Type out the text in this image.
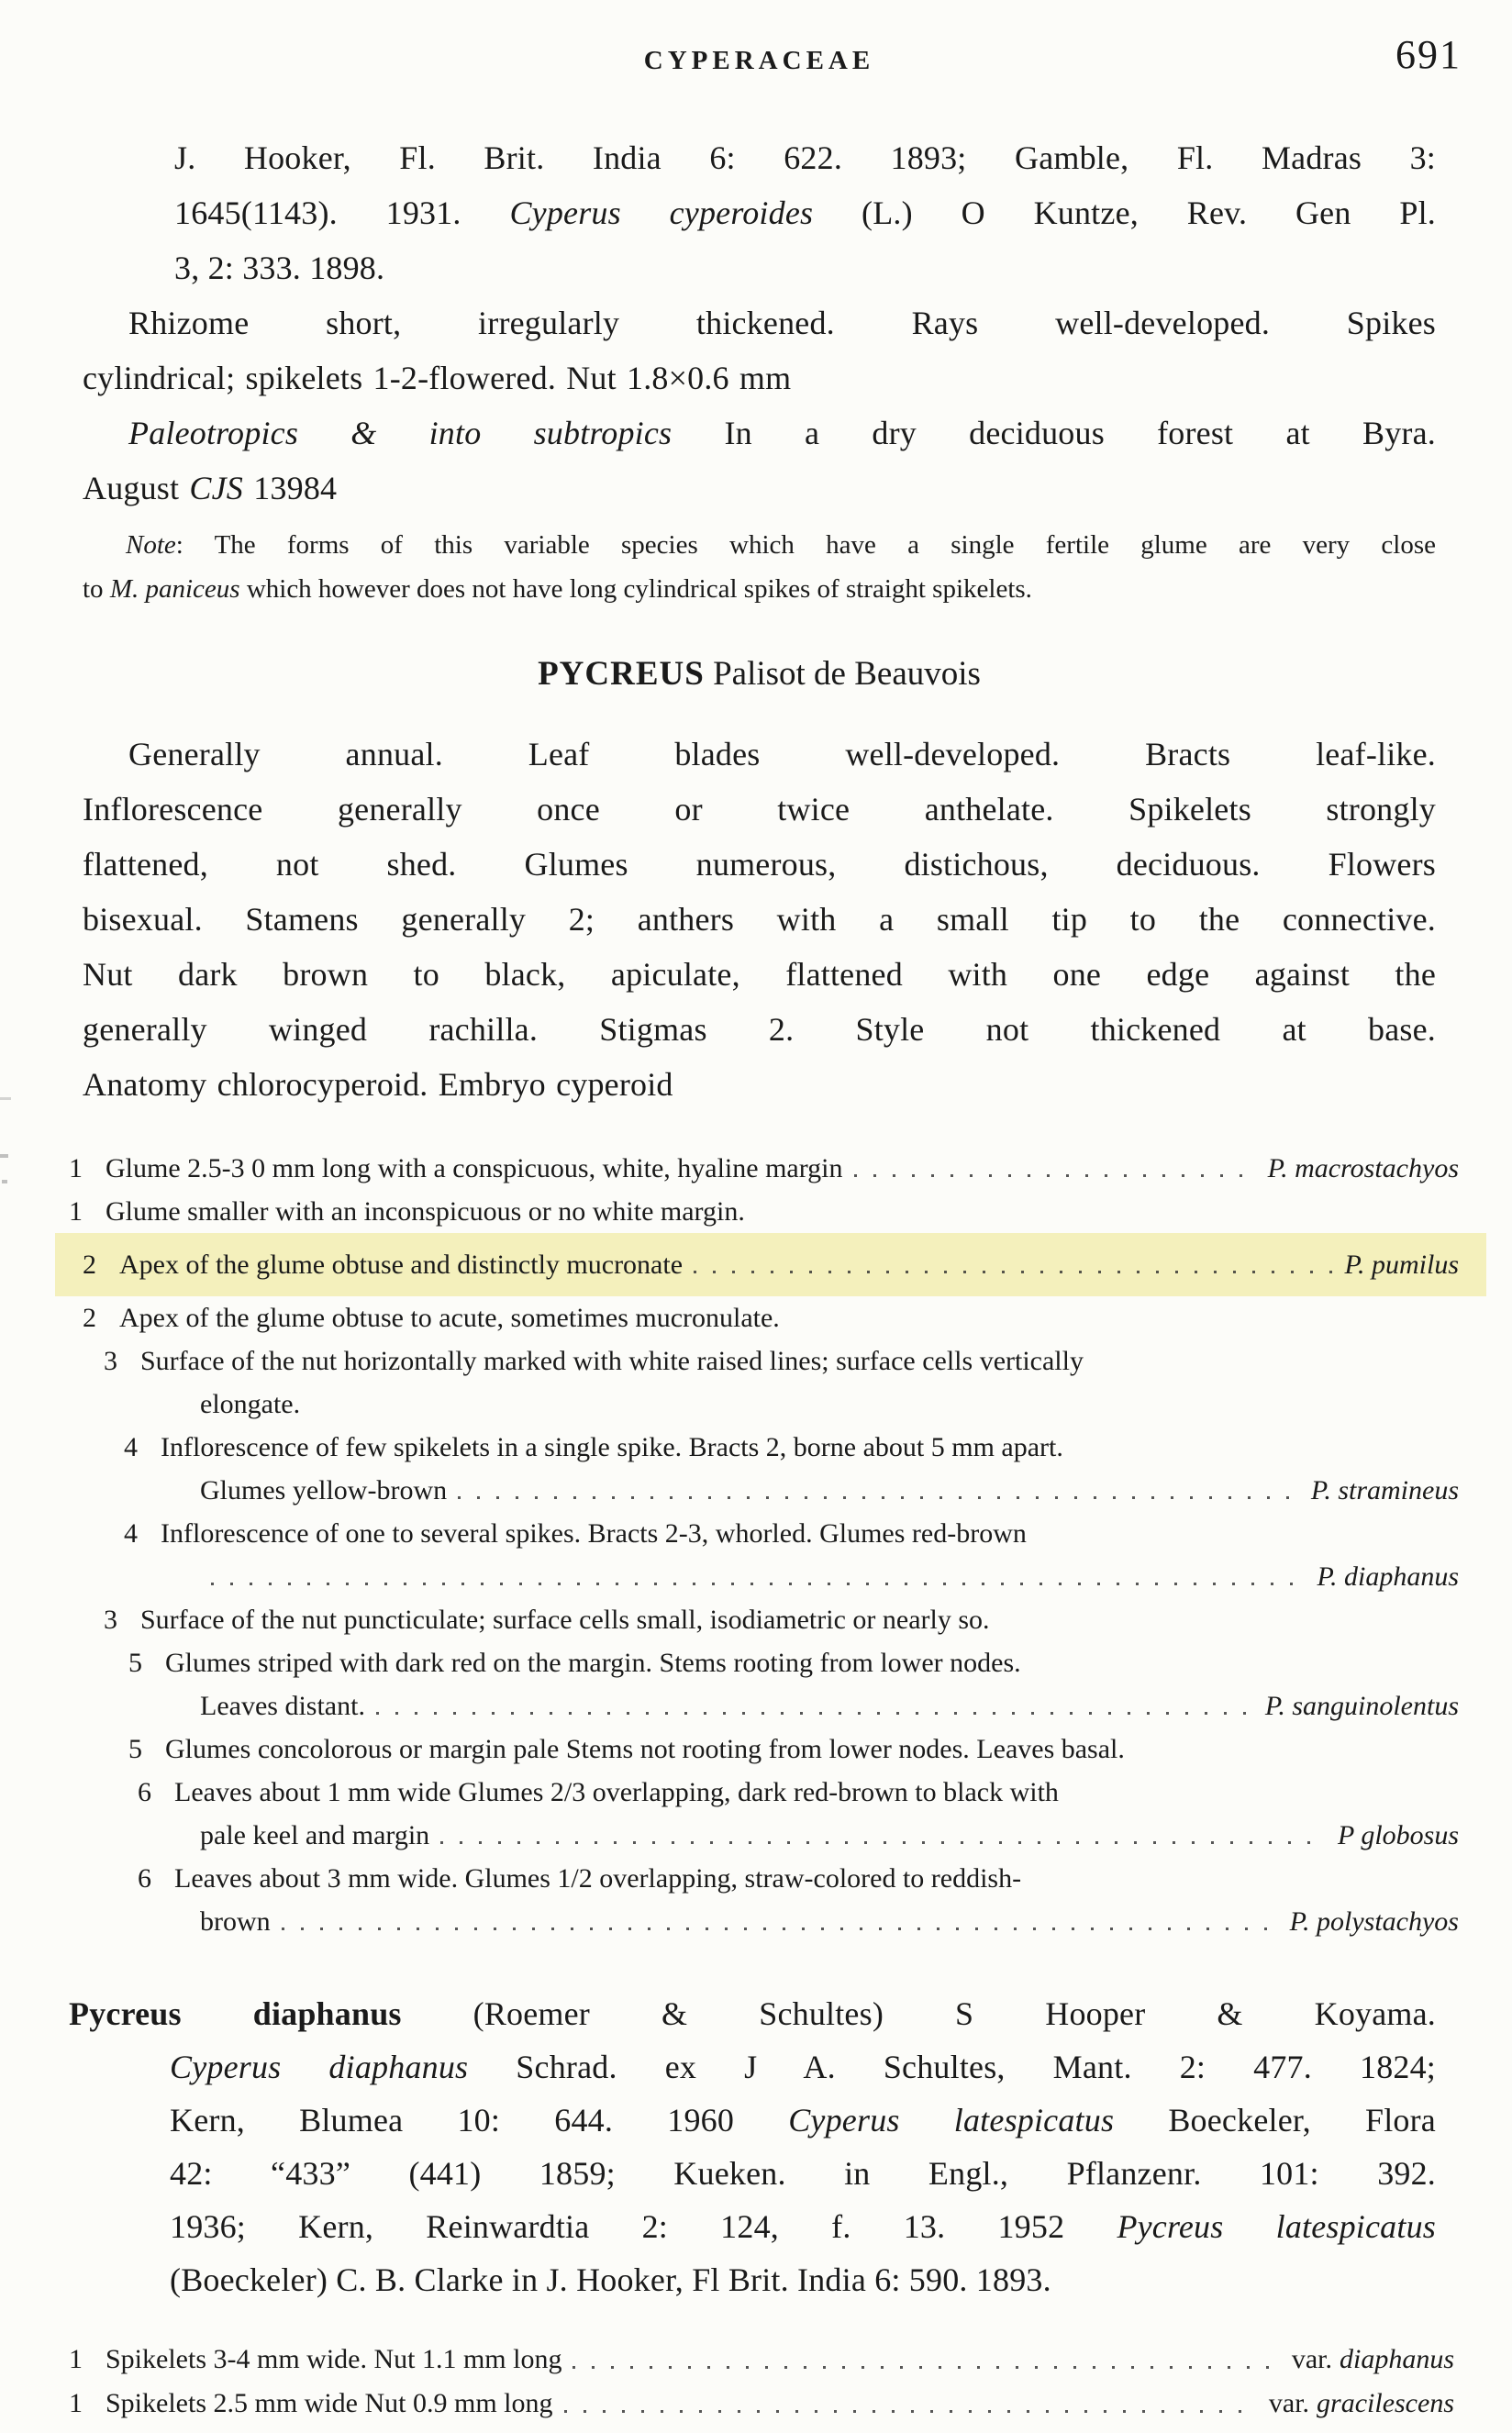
CYPERACEAE	691
J. Hooker, Fl. Brit. India 6: 622. 1893; Gamble, Fl. Madras 3:
1645(1143). 1931. Cyperus cyperoides (L.) O Kuntze, Rev. Gen Pl.
3, 2: 333. 1898.
Rhizome short, irregularly thickened. Rays well-developed. Spikes
cylindrical; spikelets 1-2-flowered. Nut 1.8×0.6 mm
Paleotropics & into subtropics In a dry deciduous forest at Byra.
August CJS 13984
Note: The forms of this variable species which have a single fertile glume are very close
to M. paniceus which however does not have long cylindrical spikes of straight spikelets.
PYCREUS Palisot de Beauvois
Generally annual. Leaf blades well-developed. Bracts leaf-like.
Inflorescence generally once or twice anthelate. Spikelets strongly
flattened, not shed. Glumes numerous, distichous, deciduous. Flowers
bisexual. Stamens generally 2; anthers with a small tip to the connective.
Nut dark brown to black, apiculate, flattened with one edge against the
generally winged rachilla. Stigmas 2. Style not thickened at base.
Anatomy chlorocyperoid. Embryo cyperoid
1 Glume 2.5-3 0 mm long with a conspicuous, white, hyaline margin	P. macrostachyos
1 Glume smaller with an inconspicuous or no white margin.
2 Apex of the glume obtuse and distinctly mucronate	P. pumilus
2 Apex of the glume obtuse to acute, sometimes mucronulate.
3 Surface of the nut horizontally marked with white raised lines; surface cells vertically
elongate.
4 Inflorescence of few spikelets in a single spike. Bracts 2, borne about 5 mm apart.
Glumes yellow-brown	P. stramineus
4 Inflorescence of one to several spikes. Bracts 2-3, whorled. Glumes red-brown
P. diaphanus
3 Surface of the nut puncticulate; surface cells small, isodiametric or nearly so.
5 Glumes striped with dark red on the margin. Stems rooting from lower nodes.
Leaves distant.	P. sanguinolentus
5 Glumes concolorous or margin pale Stems not rooting from lower nodes. Leaves basal.
6 Leaves about 1 mm wide Glumes 2/3 overlapping, dark red-brown to black with
pale keel and margin	P globosus
6 Leaves about 3 mm wide. Glumes 1/2 overlapping, straw-colored to reddish-
brown	P. polystachyos
Pycreus diaphanus (Roemer & Schultes) S Hooper & Koyama.
Cyperus diaphanus Schrad. ex J A. Schultes, Mant. 2: 477. 1824;
Kern, Blumea 10: 644. 1960 Cyperus latespicatus Boeckeler, Flora
42: “433” (441) 1859; Kueken. in Engl., Pflanzenr. 101: 392.
1936; Kern, Reinwardtia 2: 124, f. 13. 1952 Pycreus latespicatus
(Boeckeler) C. B. Clarke in J. Hooker, Fl Brit. India 6: 590. 1893.
1 Spikelets 3-4 mm wide. Nut 1.1 mm long	var. diaphanus
1 Spikelets 2.5 mm wide Nut 0.9 mm long	var. gracilescens
